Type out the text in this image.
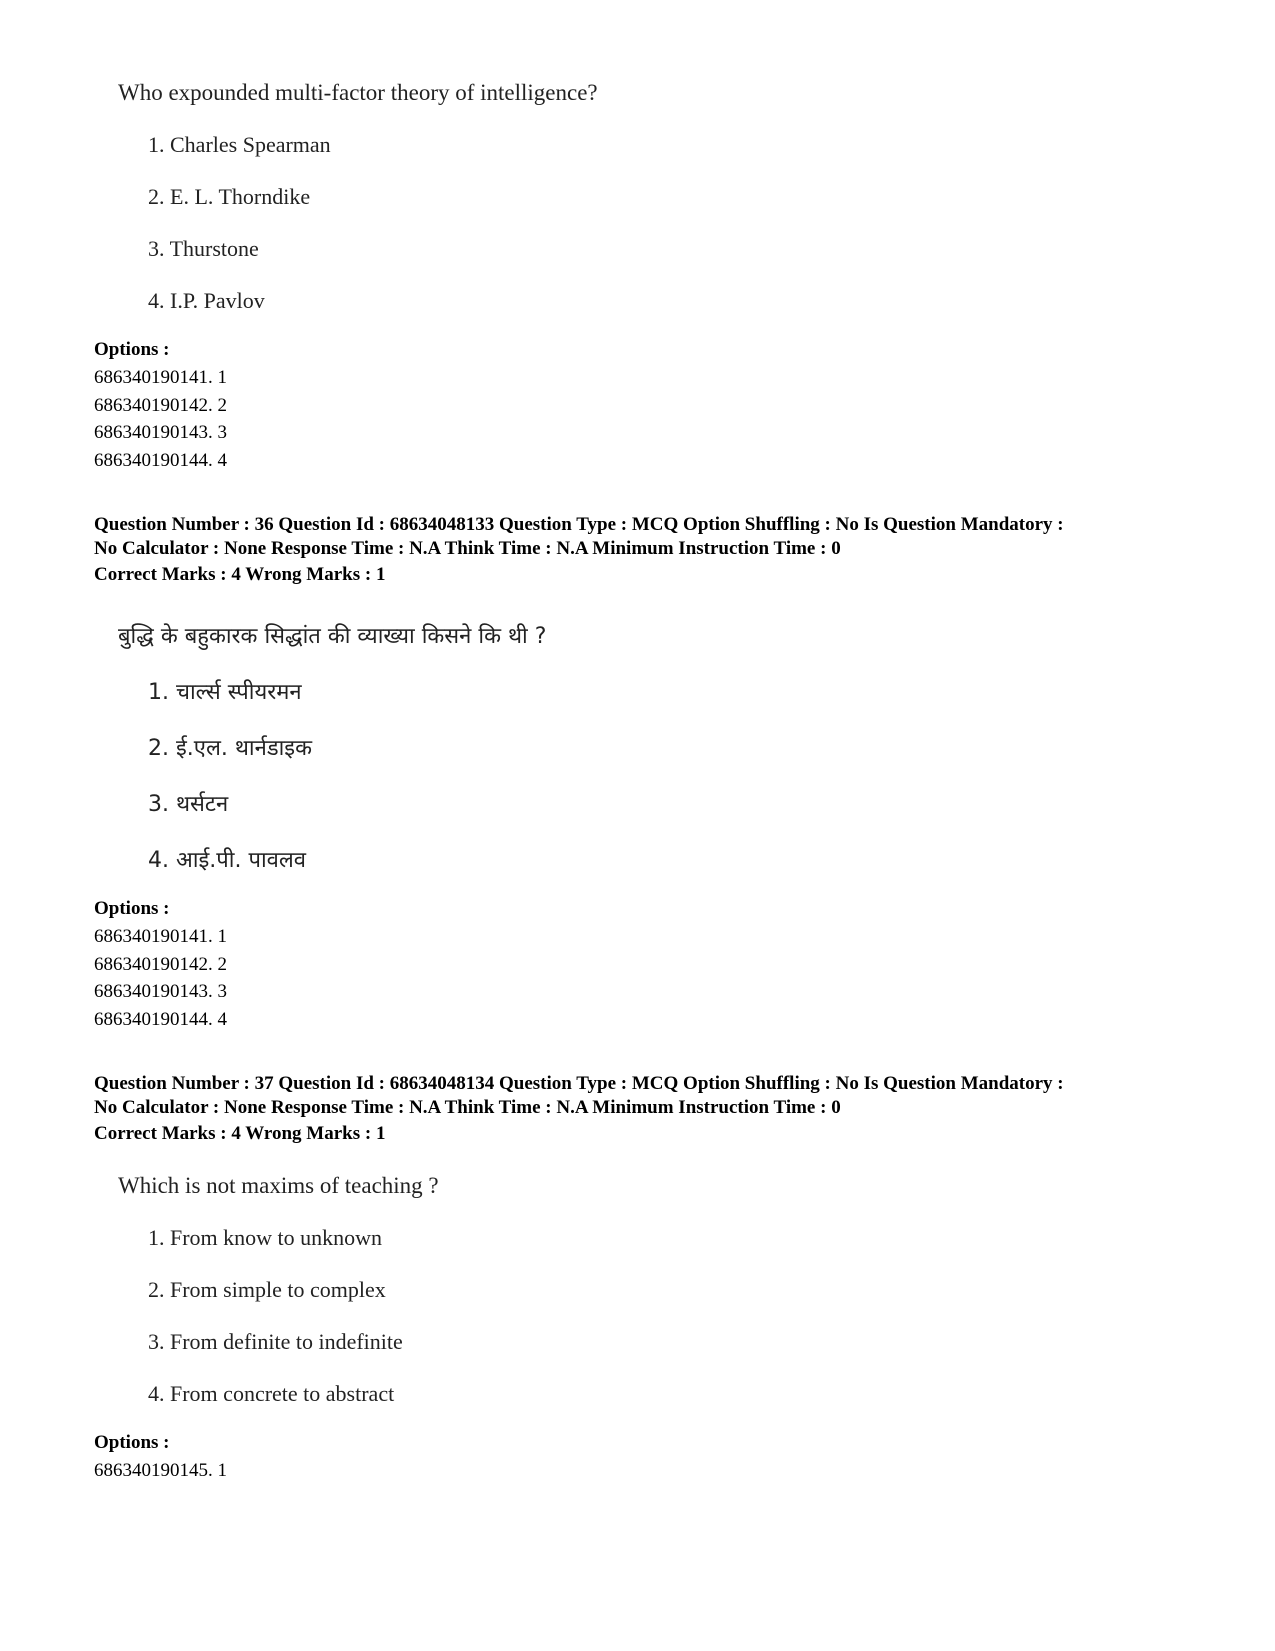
Who expounded multi-factor theory of intelligence?
1. Charles Spearman
2. E. L. Thorndike
3. Thurstone
4. I.P. Pavlov
Options :
686340190141. 1
686340190142. 2
686340190143. 3
686340190144. 4
Question Number : 36 Question Id : 68634048133 Question Type : MCQ Option Shuffling : No Is Question Mandatory :
No Calculator : None Response Time : N.A Think Time : N.A Minimum Instruction Time : 0
Correct Marks : 4 Wrong Marks : 1
बुद्धि के बहुकारक सिद्धांत की व्याख्या किसने कि थी ?
1. चार्ल्स स्पीयरमन
2. ई.एल. थार्नडाइक
3. थर्सटन
4. आई.पी. पावलव
Options :
686340190141. 1
686340190142. 2
686340190143. 3
686340190144. 4
Question Number : 37 Question Id : 68634048134 Question Type : MCQ Option Shuffling : No Is Question Mandatory :
No Calculator : None Response Time : N.A Think Time : N.A Minimum Instruction Time : 0
Correct Marks : 4 Wrong Marks : 1
Which is not maxims of teaching ?
1. From know to unknown
2. From simple to complex
3. From definite to indefinite
4. From concrete to abstract
Options :
686340190145. 1
